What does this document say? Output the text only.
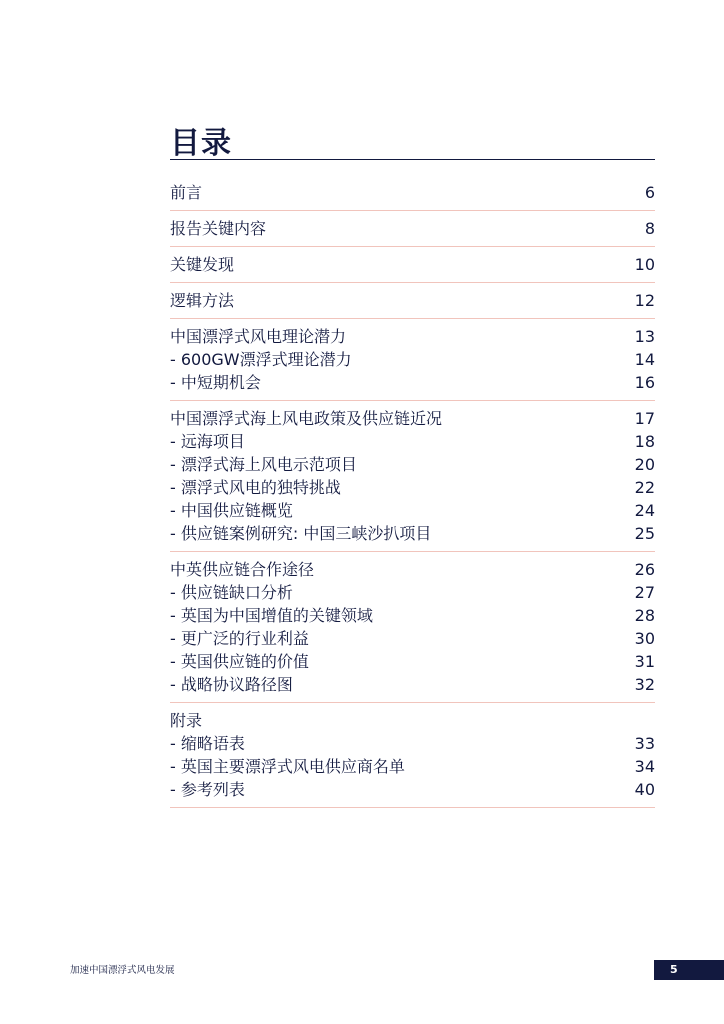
目录
前言	6
报告关键内容	8
关键发现	10
逻辑方法	12
中国漂浮式风电理论潜力	13
- 600GW漂浮式理论潜力	14
- 中短期机会	16
中国漂浮式海上风电政策及供应链近况	17
- 远海项目	18
- 漂浮式海上风电示范项目	20
- 漂浮式风电的独特挑战	22
- 中国供应链概览	24
- 供应链案例研究: 中国三峡沙扒项目	25
中英供应链合作途径	26
- 供应链缺口分析	27
- 英国为中国增值的关键领域	28
- 更广泛的行业利益	30
- 英国供应链的价值	31
- 战略协议路径图	32
附录
- 缩略语表	33
- 英国主要漂浮式风电供应商名单	34
- 参考列表	40
加速中国漂浮式风电发展	5
